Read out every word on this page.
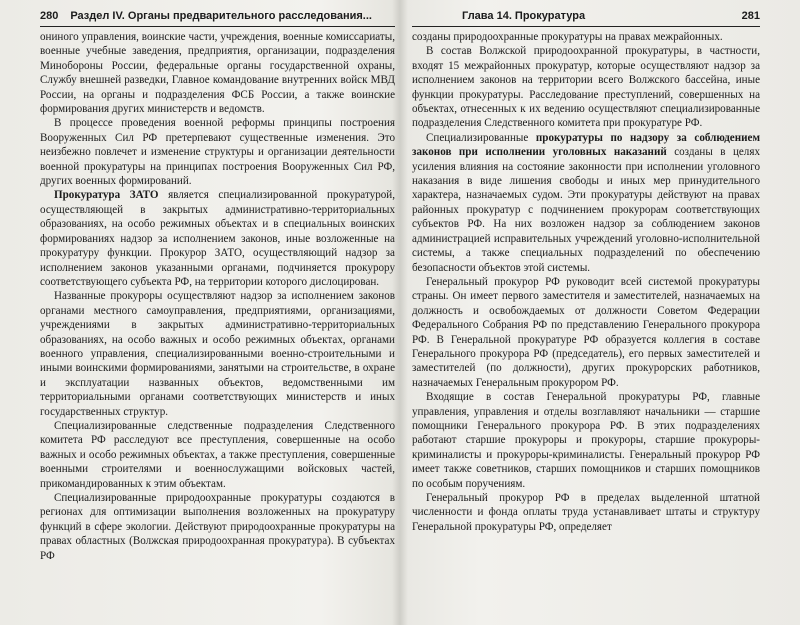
280	Раздел IV. Органы предварительного расследования...

ониного управления, воинские части, учреждения, военные комиссариаты, военные учебные заведения, предприятия, организации, подразделения Минобороны России, федеральные органы государственной охраны, Службу внешней разведки, Главное командование внутренних войск МВД России, на органы и подразделения ФСБ России, а также воинские формирования других министерств и ведомств.

В процессе проведения военной реформы принципы построения Вооруженных Сил РФ претерпевают существенные изменения. Это неизбежно повлечет и изменение структуры и организации деятельности военной прокуратуры на принципах построения Вооруженных Сил РФ, других военных формирований.

Прокуратура ЗАТО является специализированной прокуратурой, осуществляющей в закрытых административно-территориальных образованиях, на особо режимных объектах и в специальных воинских формированиях надзор за исполнением законов, иные возложенные на прокуратуру функции. Прокурор ЗАТО, осуществляющий надзор за исполнением законов указанными органами, подчиняется прокурору соответствующего субъекта РФ, на территории которого дислоцирован.

Названные прокуроры осуществляют надзор за исполнением законов органами местного самоуправления, предприятиями, организациями, учреждениями в закрытых административно-территориальных образованиях, на особо важных и особо режимных объектах, органами военного управления, специализированными военно-строительными и иными воинскими формированиями, занятыми на строительстве, в охране и эксплуатации названных объектов, ведомственными им территориальными органами соответствующих министерств и иных государственных структур.

Специализированные следственные подразделения Следственного комитета РФ расследуют все преступления, совершенные на особо важных и особо режимных объектах, а также преступления, совершенные военными строителями и военнослужащими войсковых частей, прикомандированных к этим объектам.

Специализированные природоохранные прокуратуры создаются в регионах для оптимизации выполнения возложенных на прокуратуру функций в сфере экологии. Действуют природоохранные прокуратуры на правах областных (Волжская природоохранная прокуратура). В субъектах РФ

Глава 14. Прокуратура	281

созданы природоохранные прокуратуры на правах межрайонных.

В состав Волжской природоохранной прокуратуры, в частности, входят 15 межрайонных прокуратур, которые осуществляют надзор за исполнением законов на территории всего Волжского бассейна, иные функции прокуратуры. Расследование преступлений, совершенных на объектах, отнесенных к их ведению осуществляют специализированные подразделения Следственного комитета при прокуратуре РФ.

Специализированные прокуратуры по надзору за соблюдением законов при исполнении уголовных наказаний созданы в целях усиления влияния на состояние законности при исполнении уголовного наказания в виде лишения свободы и иных мер принудительного характера, назначаемых судом. Эти прокуратуры действуют на правах районных прокуратур с подчинением прокурорам соответствующих субъектов РФ. На них возложен надзор за соблюдением законов администрацией исправительных учреждений уголовно-исполнительной системы, а также специальных подразделений по обеспечению безопасности объектов этой системы.

Генеральный прокурор РФ руководит всей системой прокуратуры страны. Он имеет первого заместителя и заместителей, назначаемых на должность и освобождаемых от должности Советом Федерации Федерального Собрания РФ по представлению Генерального прокурора РФ. В Генеральной прокуратуре РФ образуется коллегия в составе Генерального прокурора РФ (председатель), его первых заместителей и заместителей (по должности), других прокурорских работников, назначаемых Генеральным прокурором РФ.

Входящие в состав Генеральной прокуратуры РФ, главные управления, управления и отделы возглавляют начальники — старшие помощники Генерального прокурора РФ. В этих подразделениях работают старшие прокуроры и прокуроры, старшие прокуроры-криминалисты и прокуроры-криминалисты. Генеральный прокурор РФ имеет также советников, старших помощников и старших помощников по особым поручениям.

Генеральный прокурор РФ в пределах выделенной штатной численности и фонда оплаты труда устанавливает штаты и структуру Генеральной прокуратуры РФ, определяет
